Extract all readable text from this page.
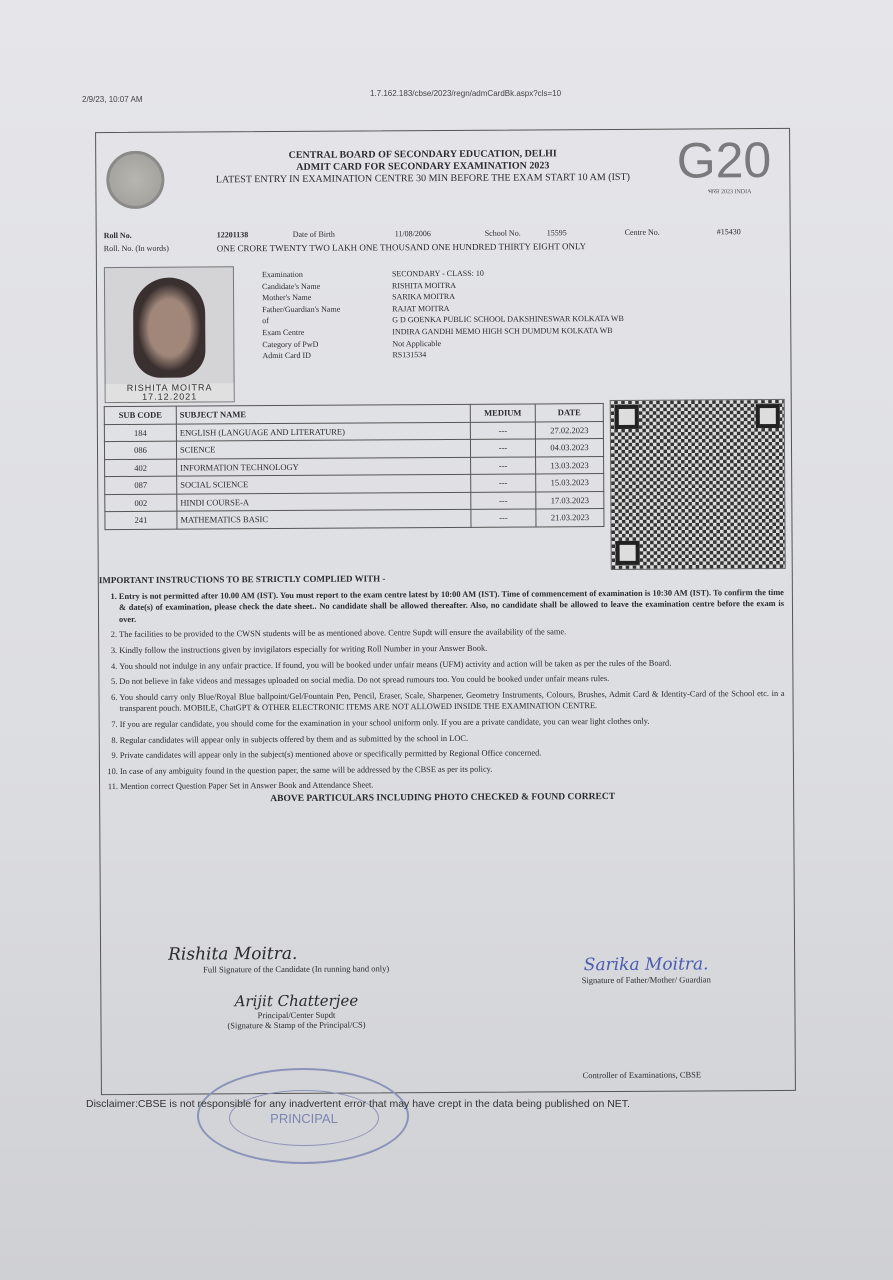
2/9/23, 10:07 AM
1.7.162.183/cbse/2023/regn/admCardBk.aspx?cls=10
G20
भारत 2023 INDIA
CENTRAL BOARD OF SECONDARY EDUCATION, DELHI
ADMIT CARD FOR SECONDARY EXAMINATION 2023
LATEST ENTRY IN EXAMINATION CENTRE 30 MIN BEFORE THE EXAM START 10 AM (IST)
Roll No.	12201138	Date of Birth	11/08/2006	School No.	15595	Centre No.	#15430
Roll. No. (In words)	ONE CRORE TWENTY TWO LAKH ONE THOUSAND ONE HUNDRED THIRTY EIGHT ONLY
RISHITA MOITRA
17.12.2021
Examination	SECONDARY - CLASS: 10
Candidate's Name	RISHITA MOITRA
Mother's Name	SARIKA MOITRA
Father/Guardian's Name	RAJAT MOITRA
of	G D GOENKA PUBLIC SCHOOL DAKSHINESWAR KOLKATA WB
Exam Centre	INDIRA GANDHI MEMO HIGH SCH DUMDUM KOLKATA WB
Category of PwD	Not Applicable
Admit Card ID	RS131534
SUB CODE	SUBJECT NAME	MEDIUM	DATE
184	ENGLISH (LANGUAGE AND LITERATURE)	---	27.02.2023
086	SCIENCE	---	04.03.2023
402	INFORMATION TECHNOLOGY	---	13.03.2023
087	SOCIAL SCIENCE	---	15.03.2023
002	HINDI COURSE-A	---	17.03.2023
241	MATHEMATICS BASIC	---	21.03.2023
IMPORTANT INSTRUCTIONS TO BE STRICTLY COMPLIED WITH -
1. Entry is not permitted after 10.00 AM (IST). You must report to the exam centre latest by 10:00 AM (IST). Time of commencement of examination is 10:30 AM (IST). To confirm the time & date(s) of examination, please check the date sheet.. No candidate shall be allowed thereafter. Also, no candidate shall be allowed to leave the examination centre before the exam is over.
2. The facilities to be provided to the CWSN students will be as mentioned above. Centre Supdt will ensure the availability of the same.
3. Kindly follow the instructions given by invigilators especially for writing Roll Number in your Answer Book.
4. You should not indulge in any unfair practice. If found, you will be booked under unfair means (UFM) activity and action will be taken as per the rules of the Board.
5. Do not believe in fake videos and messages uploaded on social media. Do not spread rumours too. You could be booked under unfair means rules.
6. You should carry only Blue/Royal Blue ballpoint/Gel/Fountain Pen, Pencil, Eraser, Scale, Sharpener, Geometry Instruments, Colours, Brushes, Admit Card & Identity-Card of the School etc. in a transparent pouch. MOBILE, ChatGPT & OTHER ELECTRONIC ITEMS ARE NOT ALLOWED INSIDE THE EXAMINATION CENTRE.
7. If you are regular candidate, you should come for the examination in your school uniform only. If you are a private candidate, you can wear light clothes only.
8. Regular candidates will appear only in subjects offered by them and as submitted by the school in LOC.
9. Private candidates will appear only in the subject(s) mentioned above or specifically permitted by Regional Office concerned.
10. In case of any ambiguity found in the question paper, the same will be addressed by the CBSE as per its policy.
11. Mention correct Question Paper Set in Answer Book and Attendance Sheet.
ABOVE PARTICULARS INCLUDING PHOTO CHECKED & FOUND CORRECT
Rishita Moitra.
Full Signature of the Candidate (In running hand only)	Sarika Moitra.
Signature of Father/Mother/ Guardian
Arijit Chatterjee
Principal/Center Supdt
(Signature & Stamp of the Principal/CS)
Controller of Examinations, CBSE
PRINCIPAL
Disclaimer:CBSE is not responsible for any inadvertent error that may have crept in the data being published on NET.
